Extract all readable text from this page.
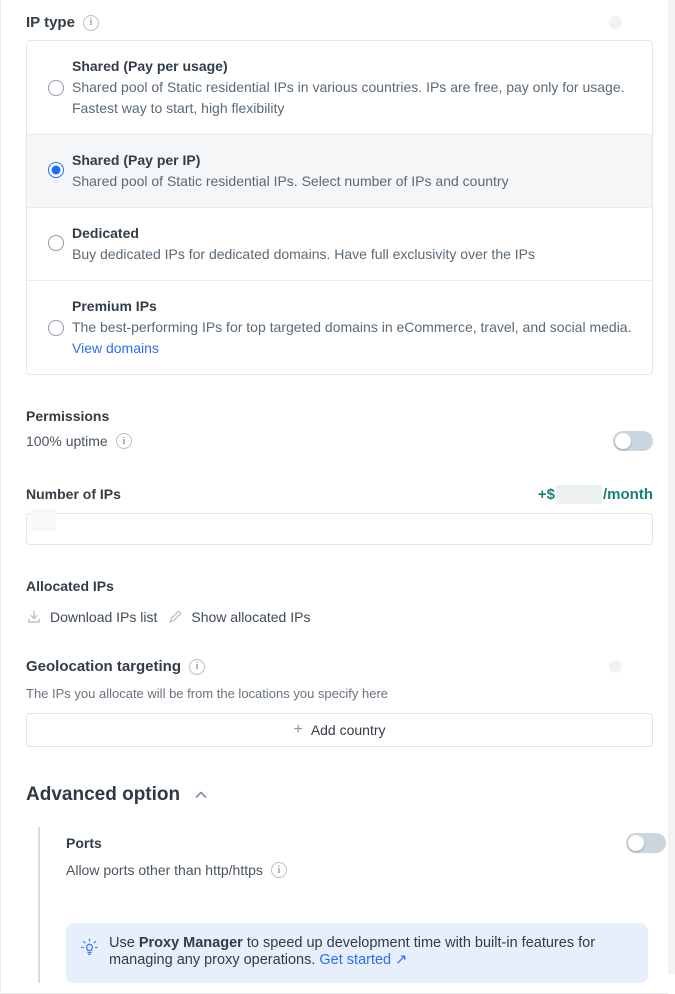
IP type	i
Shared (Pay per usage)
Shared pool of Static residential IPs in various countries. IPs are free, pay only for usage. Fastest way to start, high flexibility
Shared (Pay per IP)
Shared pool of Static residential IPs. Select number of IPs and country
Dedicated
Buy dedicated IPs for dedicated domains. Have full exclusivity over the IPs
Premium IPs
The best-performing IPs for top targeted domains in eCommerce, travel, and social media. View domains
Permissions
100% uptime	i
Number of IPs	+$	/month
Allocated IPs
Download IPs list Show allocated IPs
Geolocation targeting	i
The IPs you allocate will be from the locations you specify here
+ Add country
Advanced option
Ports
Allow ports other than http/https	i
Use Proxy Manager to speed up development time with built-in features for managing any proxy operations. Get started ↗
